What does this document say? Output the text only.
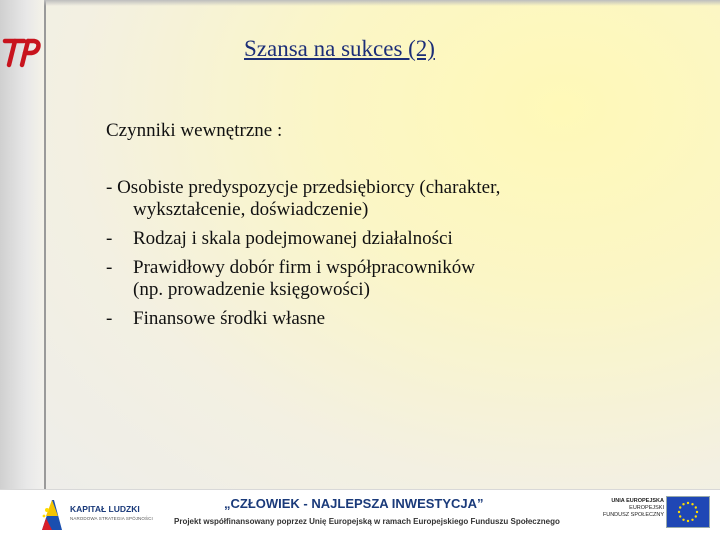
Szansa na sukces (2)
Czynniki wewnętrzne :
- Osobiste predyspozycje przedsiębiorcy (charakter,
wykształcenie, doświadczenie)
- Rodzaj i skala podejmowanej działalności
- Prawidłowy dobór firm i współpracowników
(np. prowadzenie księgowości)
- Finansowe środki własne
KAPITAŁ LUDZKI
NARODOWA STRATEGIA SPÓJNOŚCI
„CZŁOWIEK - NAJLEPSZA INWESTYCJA”
Projekt współfinansowany poprzez Unię Europejską w ramach Europejskiego Funduszu Społecznego
UNIA EUROPEJSKA
EUROPEJSKI
FUNDUSZ SPOŁECZNY
